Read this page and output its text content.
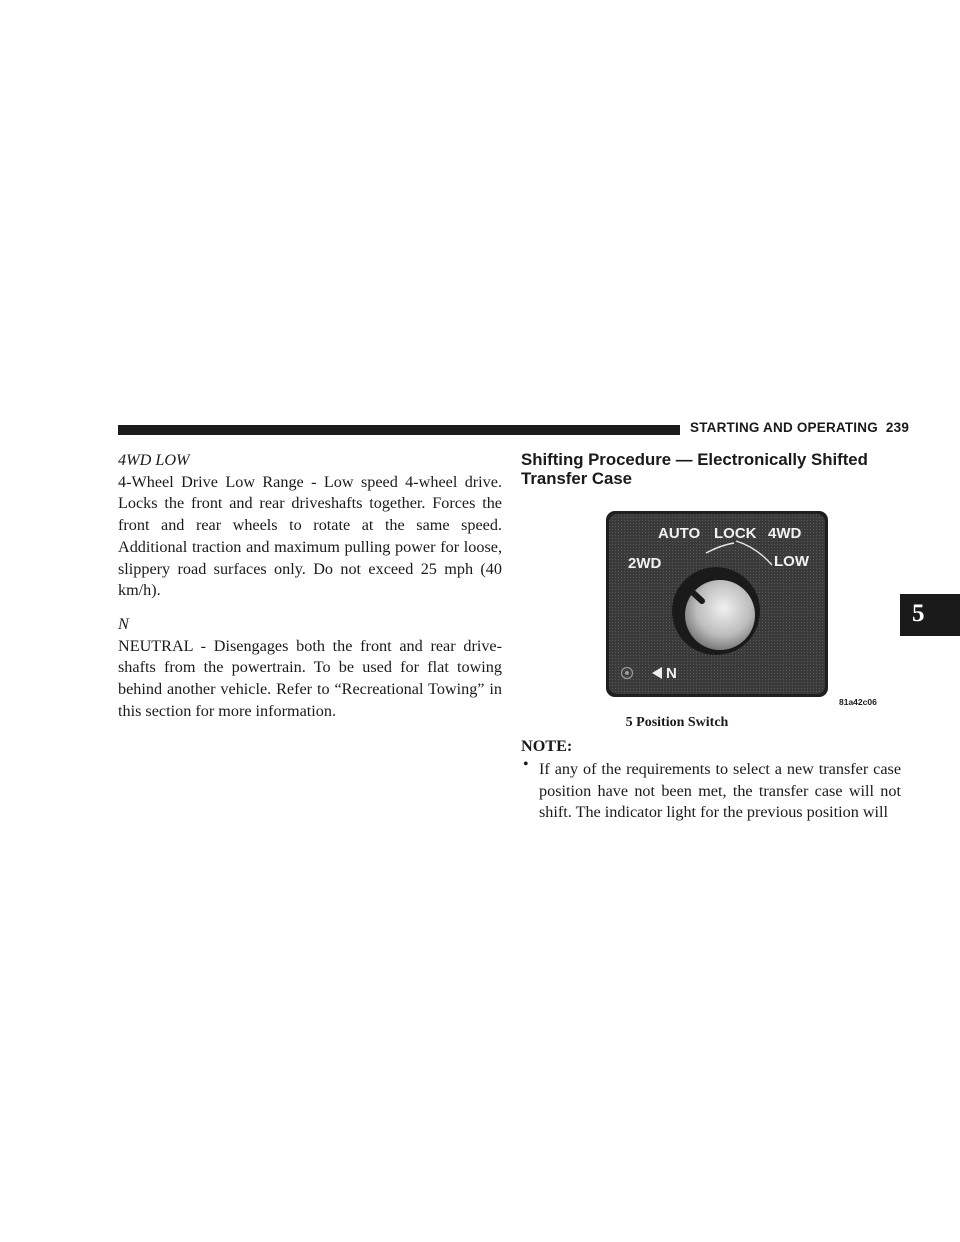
STARTING AND OPERATING 239

4WD LOW

4-Wheel Drive Low Range - Low speed 4-wheel drive. Locks the front and rear driveshafts together. Forces the front and rear wheels to rotate at the same speed. Additional traction and maximum pulling power for loose, slippery road surfaces only. Do not exceed 25 mph (40 km/h).

N

NEUTRAL - Disengages both the front and rear drive-shafts from the powertrain. To be used for flat towing behind another vehicle. Refer to “Recreational Towing” in this section for more information.

Shifting Procedure — Electronically Shifted Transfer Case
AUTO LOCK 4WD
2WD	LOW
N
81a42c06
5 Position Switch
NOTE:
• If any of the requirements to select a new transfer case position have not been met, the transfer case will not shift. The indicator light for the previous position will
5
